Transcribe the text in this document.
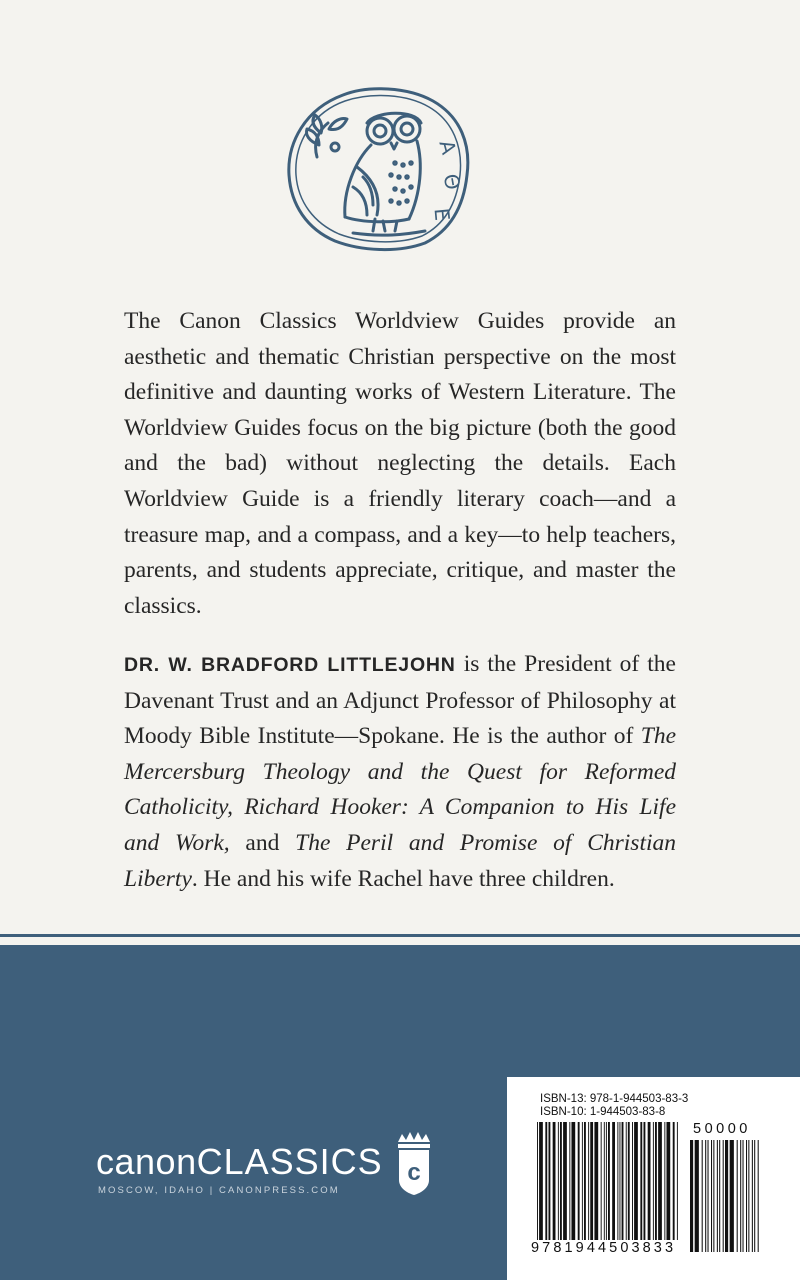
Α
Θ
Ε

The Canon Classics Worldview Guides provide an aesthetic and thematic Christian perspective on the most definitive and daunting works of Western Literature. The Worldview Guides focus on the big picture (both the good and the bad) without neglecting the details. Each Worldview Guide is a friendly literary coach—and a treasure map, and a compass, and a key—to help teachers, parents, and students appreciate, critique, and master the classics.

DR. W. BRADFORD LITTLEJOHN is the President of the Davenant Trust and an Adjunct Professor of Philosophy at Moody Bible Institute—Spokane. He is the author of The Mercersburg Theology and the Quest for Reformed Catholicity, Richard Hooker: A Companion to His Life and Work, and The Peril and Promise of Christian Liberty. He and his wife Rachel have three children.

canonCLASSICS
MOSCOW, IDAHO | CANONPRESS.COM
c
ISBN-13: 978-1-944503-83-3
ISBN-10: 1-944503-83-8
50000
9781944503833
